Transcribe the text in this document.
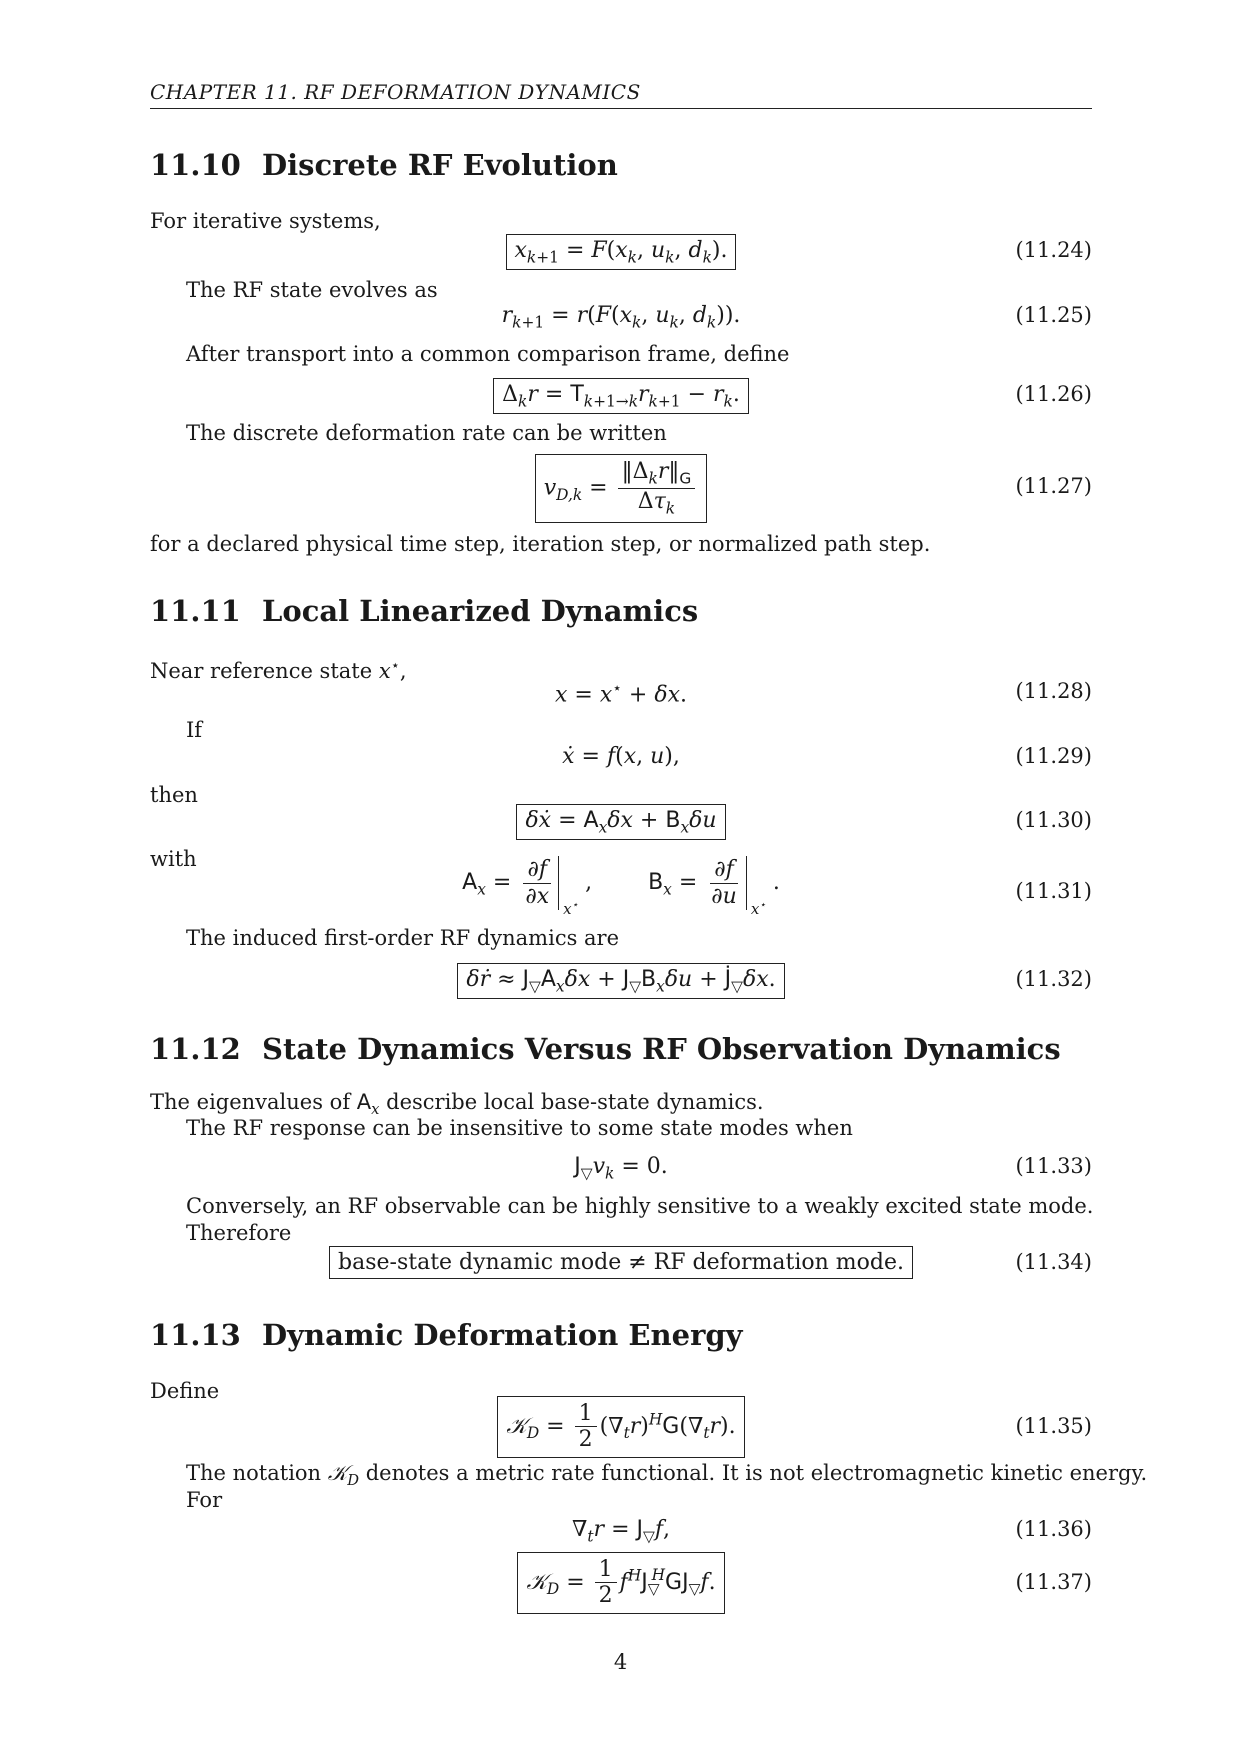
CHAPTER 11. RF DEFORMATION DYNAMICS
11.10 Discrete RF Evolution
For iterative systems,
$x_{k+1} = F(x_k$, $u_k$, $d_k$).	(11.24)
The RF state evolves as
$r_{k+1} = r(F(x_k$, $u_k$, $d_k$)).	(11.25)
After transport into a common comparison frame, define
$\Delta_kr = T_{k+1\to k}r_{k+1} - r_k$.	(11.26)
The discrete deformation rate can be written
$v_{D,k} = \frac{‖\Delta_kr‖_G}{\Delta\tau_k}$	(11.27)
for a declared physical time step, iteration step, or normalized path step.
11.11 Local Linearized Dynamics
Near reference state x⋆,
x = x⋆ + δx.	(11.28)
If
ẋ = f(x, u),	(11.29)
then
δẋ = $A_x\delta x + B_x\delta u$	(11.30)
with
$A_x = \frac{\partial f}{\partial x}$
x⋆
,        $B_x = \frac{\partial f}{\partial u}$
x⋆
.	(11.31)
The induced first-order RF dynamics are
δṙ ≈ $J_▽A_x\delta x + J_▽B_x\delta u$ + $J̇_▽\delta x$.	(11.32)
11.12 State Dynamics Versus RF Observation Dynamics
The eigenvalues of $A_x$ describe local base-state dynamics.
The RF response can be insensitive to some state modes when
$J_▽v_k = 0$.	(11.33)
Conversely, an RF observable can be highly sensitive to a weakly excited state mode.
Therefore
base-state dynamic mode ≠ RF deformation mode.	(11.34)
11.13 Dynamic Deformation Energy
Define
𝒦$_D$ = $\frac{1}{2} (\nabla_tr)^HG(\nabla_tr)$.	(11.35)
The notation 𝒦$_D$ denotes a metric rate functional. It is not electromagnetic kinetic energy.
For
$\nabla_tr = J_▽f$,	(11.36)
𝒦$_D$ = $\frac{1}{2} f^HJ_▽^HGJ_▽f$.	(11.37)
4
